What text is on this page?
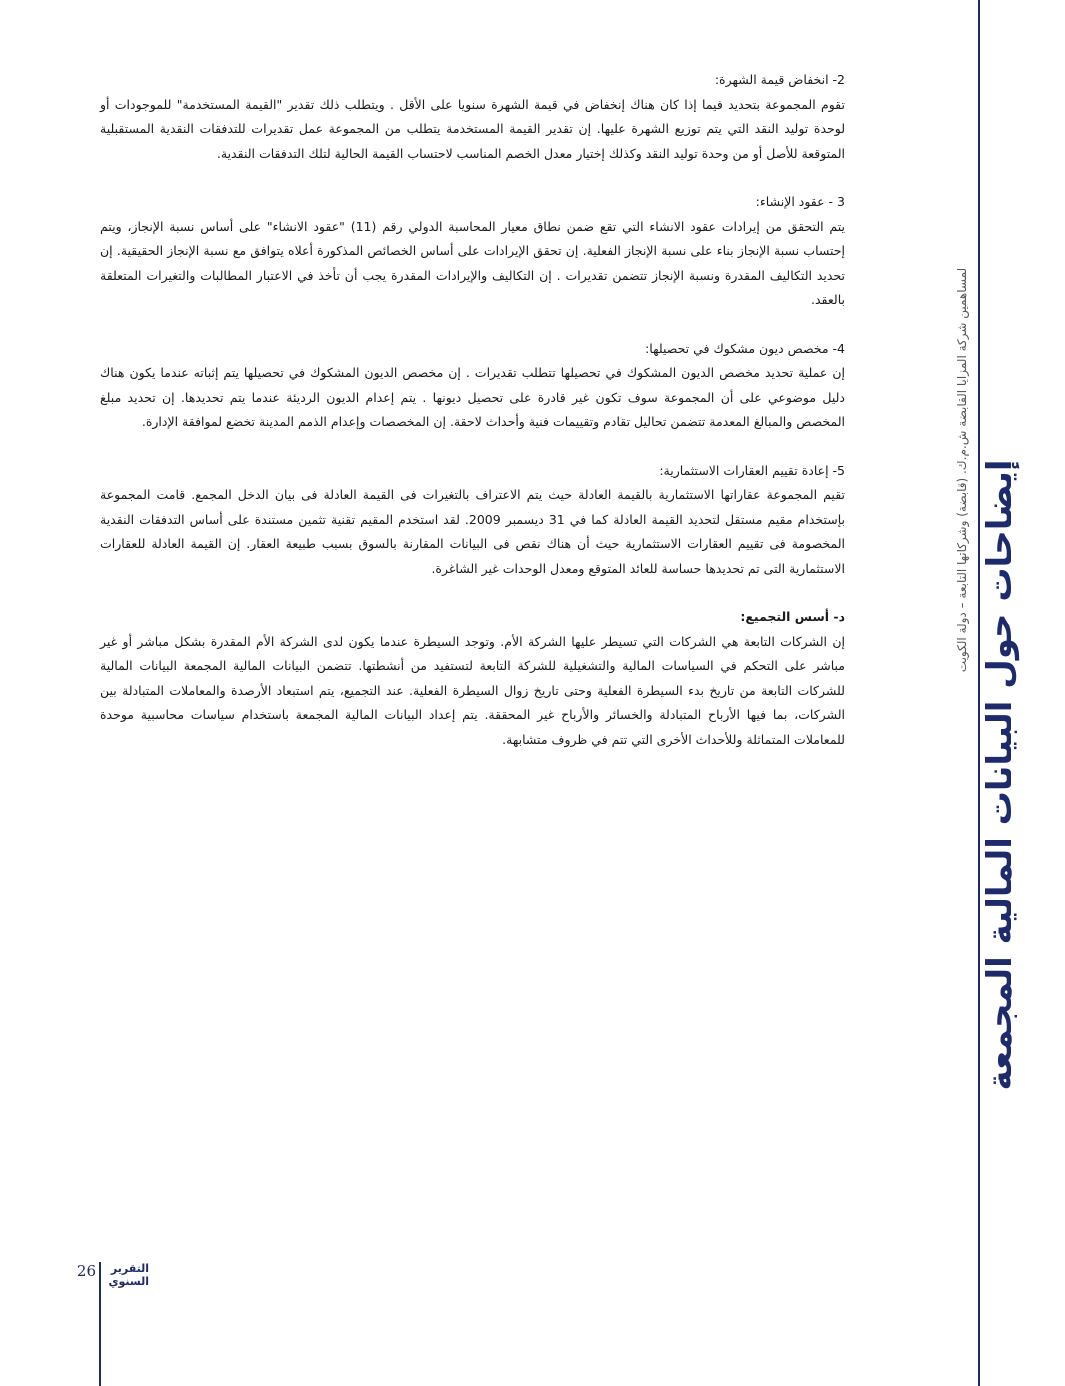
2- انخفاض قيمة الشهرة:

تقوم المجموعة بتحديد فيما إذا كان هناك إنخفاض في قيمة الشهرة سنويا على الأقل . ويتطلب ذلك تقدير "القيمة المستخدمة" للموجودات أو لوحدة توليد النقد التي يتم توزيع الشهرة عليها. إن تقدير القيمة المستخدمة يتطلب من المجموعة عمل تقديرات للتدفقات النقدية المستقبلية المتوقعة للأصل أو من وحدة توليد النقد وكذلك إختيار معدل الخصم المناسب لاحتساب القيمة الحالية لتلك التدفقات النقدية.

3 - عقود الإنشاء:

يتم التحقق من إيرادات عقود الانشاء التي تقع ضمن نطاق معيار المحاسبة الدولي رقم (11) "عقود الانشاء" على أساس نسبة الإنجاز، ويتم إحتساب نسبة الإنجاز بناء على نسبة الإنجاز الفعلية. إن تحقق الإيرادات على أساس الخصائص المذكورة أعلاه يتوافق مع نسبة الإنجاز الحقيقية. إن تحديد التكاليف المقدرة ونسبة الإنجاز تتضمن تقديرات . إن التكاليف والإيرادات المقدرة يجب أن تأخذ في الاعتبار المطالبات والتغيرات المتعلقة بالعقد.

4- مخصص ديون مشكوك في تحصيلها:

إن عملية تحديد مخصص الديون المشكوك في تحصيلها تتطلب تقديرات . إن مخصص الديون المشكوك في تحصيلها يتم إثباته عندما يكون هناك دليل موضوعي على أن المجموعة سوف تكون غير قادرة على تحصيل ديونها . يتم إعدام الديون الرديئة عندما يتم تحديدها. إن تحديد مبلغ المخصص والمبالغ المعدمة تتضمن تحاليل تقادم وتقييمات فنية وأحداث لاحقة. إن المخصصات وإعدام الذمم المدينة تخضع لموافقة الإدارة.

5- إعادة تقييم العقارات الاستثمارية:

تقيم المجموعة عقاراتها الاستثمارية بالقيمة العادلة حيث يتم الاعتراف بالتغيرات فى القيمة العادلة فى بيان الدخل المجمع. قامت المجموعة بإستخدام مقيم مستقل لتحديد القيمة العادلة كما في 31 ديسمبر 2009. لقد استخدم المقيم تقنية تثمين مستندة على أساس التدفقات النقدية المخصومة فى تقييم العقارات الاستثمارية حيث أن هناك نقص فى البيانات المقارنة بالسوق بسبب طبيعة العقار. إن القيمة العادلة للعقارات الاستثمارية التى تم تحديدها حساسة للعائد المتوقع ومعدل الوحدات غير الشاغرة.

د- أسس التجميع:

إن الشركات التابعة هي الشركات التي تسيطر عليها الشركة الأم. وتوجد السيطرة عندما يكون لدى الشركة الأم المقدرة بشكل مباشر أو غير مباشر على التحكم في السياسات المالية والتشغيلية للشركة التابعة لتستفيد من أنشطتها. تتضمن البيانات المالية المجمعة البيانات المالية للشركات التابعة من تاريخ بدء السيطرة الفعلية وحتى تاريخ زوال السيطرة الفعلية. عند التجميع، يتم استبعاد الأرصدة والمعاملات المتبادلة بين الشركات، بما فيها الأرباح المتبادلة والخسائر والأرباح غير المحققة. يتم إعداد البيانات المالية المجمعة باستخدام سياسات محاسبية موحدة للمعاملات المتماثلة وللأحداث الأخرى التي تتم في ظروف متشابهة.	إيضاحات حول البيانات المالية المجمعة
لمساهمين شركة المزايا القابضة ش.م.ك. (قابضة) وشركاتها التابعة – دولة الكويت
26	التقرير السنوي
